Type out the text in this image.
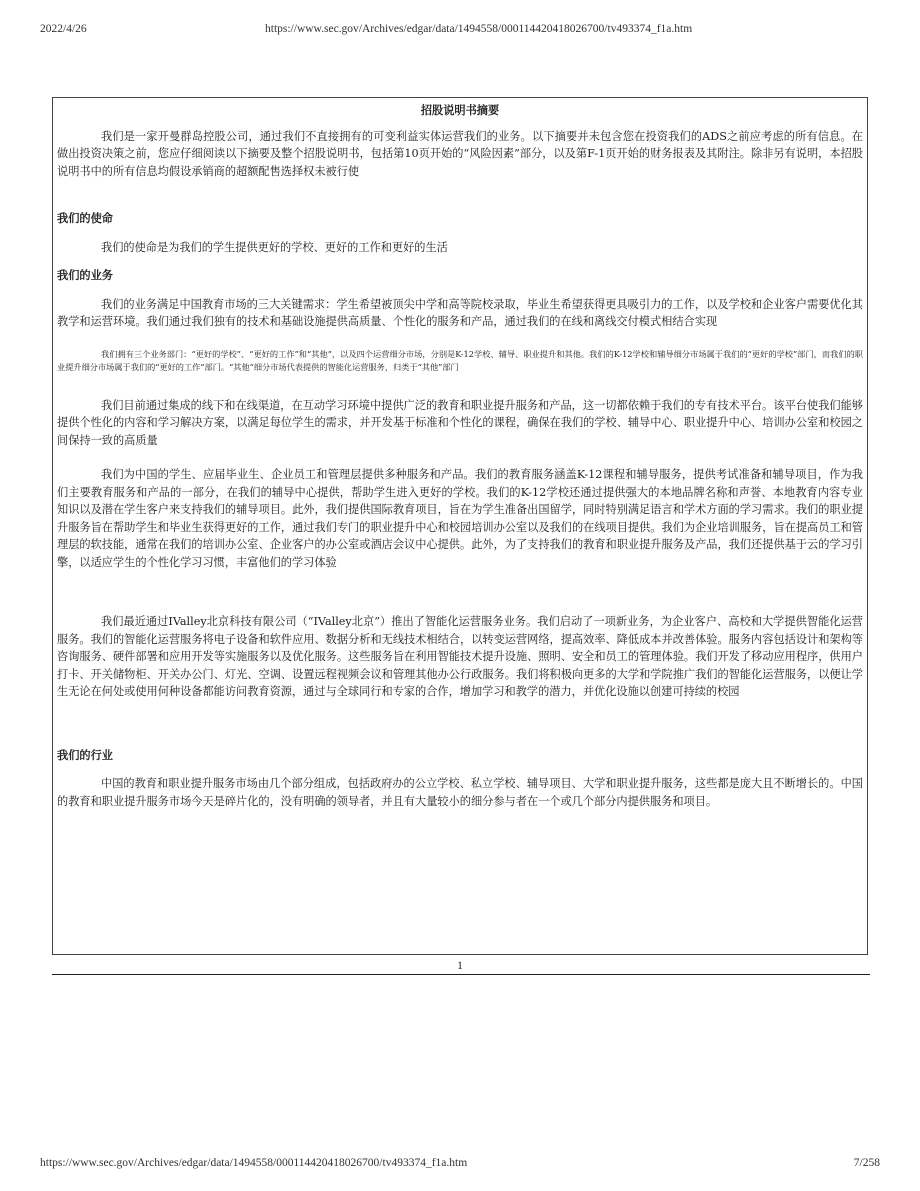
2022/4/26	https://www.sec.gov/Archives/edgar/data/1494558/000114420418026700/tv493374_f1a.htm
招股说明书摘要

我们是一家开曼群岛控股公司，通过我们不直接拥有的可变利益实体运营我们的业务。以下摘要并未包含您在投资我们的ADS之前应考虑的所有信息。在做出投资决策之前，您应仔细阅读以下摘要及整个招股说明书，包括第10页开始的“风险因素”部分，以及第F-1页开始的财务报表及其附注。除非另有说明，本招股说明书中的所有信息均假设承销商的超额配售选择权未被行使

我们的使命

我们的使命是为我们的学生提供更好的学校、更好的工作和更好的生活

我们的业务

我们的业务满足中国教育市场的三大关键需求：学生希望被顶尖中学和高等院校录取，毕业生希望获得更具吸引力的工作，以及学校和企业客户需要优化其教学和运营环境。我们通过我们独有的技术和基础设施提供高质量、个性化的服务和产品，通过我们的在线和离线交付模式相结合实现

我们拥有三个业务部门：“更好的学校”、“更好的工作”和“其他”，以及四个运营细分市场，分别是K-12学校、辅导、职业提升和其他。我们的K-12学校和辅导细分市场属于我们的“更好的学校”部门，而我们的职业提升细分市场属于我们的“更好的工作”部门。“其他”细分市场代表提供的智能化运营服务，归类于“其他”部门

我们目前通过集成的线下和在线渠道，在互动学习环境中提供广泛的教育和职业提升服务和产品，这一切都依赖于我们的专有技术平台。该平台使我们能够提供个性化的内容和学习解决方案，以满足每位学生的需求，并开发基于标准和个性化的课程，确保在我们的学校、辅导中心、职业提升中心、培训办公室和校园之间保持一致的高质量

我们为中国的学生、应届毕业生、企业员工和管理层提供多种服务和产品。我们的教育服务涵盖K-12课程和辅导服务，提供考试准备和辅导项目，作为我们主要教育服务和产品的一部分，在我们的辅导中心提供，帮助学生进入更好的学校。我们的K-12学校还通过提供强大的本地品牌名称和声誉、本地教育内容专业知识以及潜在学生客户来支持我们的辅导项目。此外，我们提供国际教育项目，旨在为学生准备出国留学，同时特别满足语言和学术方面的学习需求。我们的职业提升服务旨在帮助学生和毕业生获得更好的工作，通过我们专门的职业提升中心和校园培训办公室以及我们的在线项目提供。我们为企业培训服务，旨在提高员工和管理层的软技能，通常在我们的培训办公室、企业客户的办公室或酒店会议中心提供。此外，为了支持我们的教育和职业提升服务及产品，我们还提供基于云的学习引擎，以适应学生的个性化学习习惯，丰富他们的学习体验

我们最近通过IValley北京科技有限公司（“IValley北京”）推出了智能化运营服务业务。我们启动了一项新业务，为企业客户、高校和大学提供智能化运营服务。我们的智能化运营服务将电子设备和软件应用、数据分析和无线技术相结合，以转变运营网络，提高效率、降低成本并改善体验。服务内容包括设计和架构等咨询服务、硬件部署和应用开发等实施服务以及优化服务。这些服务旨在利用智能技术提升设施、照明、安全和员工的管理体验。我们开发了移动应用程序，供用户打卡、开关储物柜、开关办公门、灯光、空调、设置远程视频会议和管理其他办公行政服务。我们将积极向更多的大学和学院推广我们的智能化运营服务，以便让学生无论在何处或使用何种设备都能访问教育资源，通过与全球同行和专家的合作，增加学习和教学的潜力，并优化设施以创建可持续的校园

我们的行业

中国的教育和职业提升服务市场由几个部分组成，包括政府办的公立学校、私立学校、辅导项目、大学和职业提升服务，这些都是庞大且不断增长的。中国的教育和职业提升服务市场今天是碎片化的，没有明确的领导者，并且有大量较小的细分参与者在一个或几个部分内提供服务和项目。

1
https://www.sec.gov/Archives/edgar/data/1494558/000114420418026700/tv493374_f1a.htm	7/258
